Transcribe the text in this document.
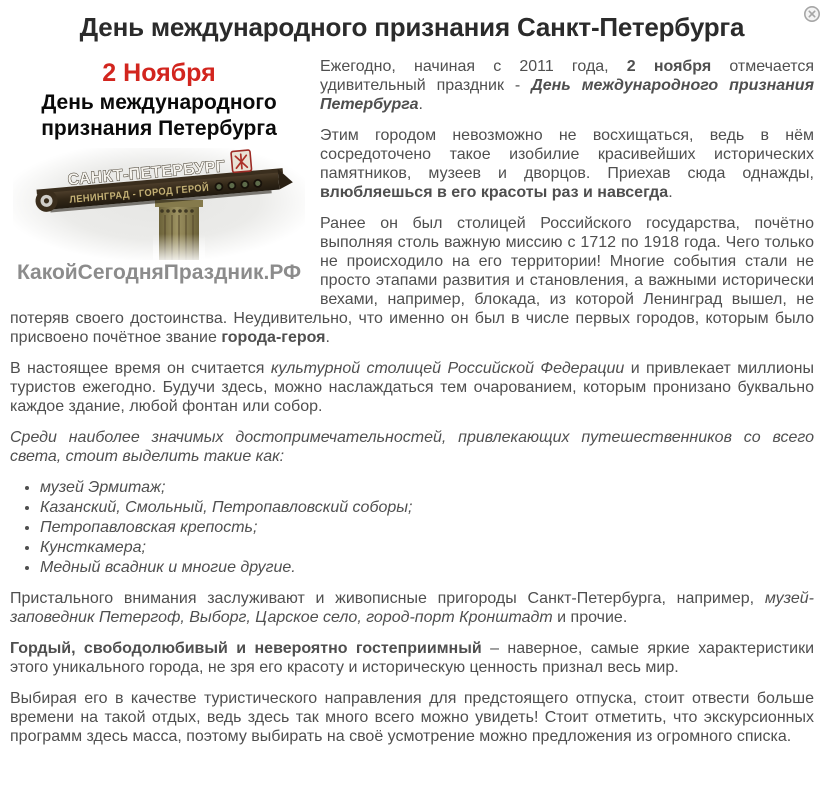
День международного признания Санкт-Петербурга
2 Ноября
День международного признания Петербурга
ЛЕНИНГРАД - ГОРОД ГЕРОЙ
САНКТ-ПЕТЕРБУРГ
КакойСегодняПраздник.РФ

Ежегодно, начиная с 2011 года, 2 ноября отмечается удивительный праздник - День международного признания Петербурга.

Этим городом невозможно не восхищаться, ведь в нём сосредоточено такое изобилие красивейших исторических памятников, музеев и дворцов. Приехав сюда однажды, влюбляешься в его красоты раз и навсегда.

Ранее он был столицей Российского государства, почётно выполняя столь важную миссию с 1712 по 1918 года. Чего только не происходило на его территории! Многие события стали не просто этапами развития и становления, а важными исторически вехами, например, блокада, из которой Ленинград вышел, не потеряв своего достоинства. Неудивительно, что именно он был в числе первых городов, которым было присвоено почётное звание города-героя.

В настоящее время он считается культурной столицей Российской Федерации и привлекает миллионы туристов ежегодно. Будучи здесь, можно наслаждаться тем очарованием, которым пронизано буквально каждое здание, любой фонтан или собор.

Среди наиболее значимых достопримечательностей, привлекающих путешественников со всего света, стоит выделить такие как:

• музей Эрмитаж;
• Казанский, Смольный, Петропавловский соборы;
• Петропавловская крепость;
• Кунсткамера;
• Медный всадник и многие другие.

Пристального внимания заслуживают и живописные пригороды Санкт-Петербурга, например, музей-заповедник Петергоф, Выборг, Царское село, город-порт Кронштадт и прочие.

Гордый, свободолюбивый и невероятно гостеприимный – наверное, самые яркие характеристики этого уникального города, не зря его красоту и историческую ценность признал весь мир.

Выбирая его в качестве туристического направления для предстоящего отпуска, стоит отвести больше времени на такой отдых, ведь здесь так много всего можно увидеть! Стоит отметить, что экскурсионных программ здесь масса, поэтому выбирать на своё усмотрение можно предложения из огромного списка.
